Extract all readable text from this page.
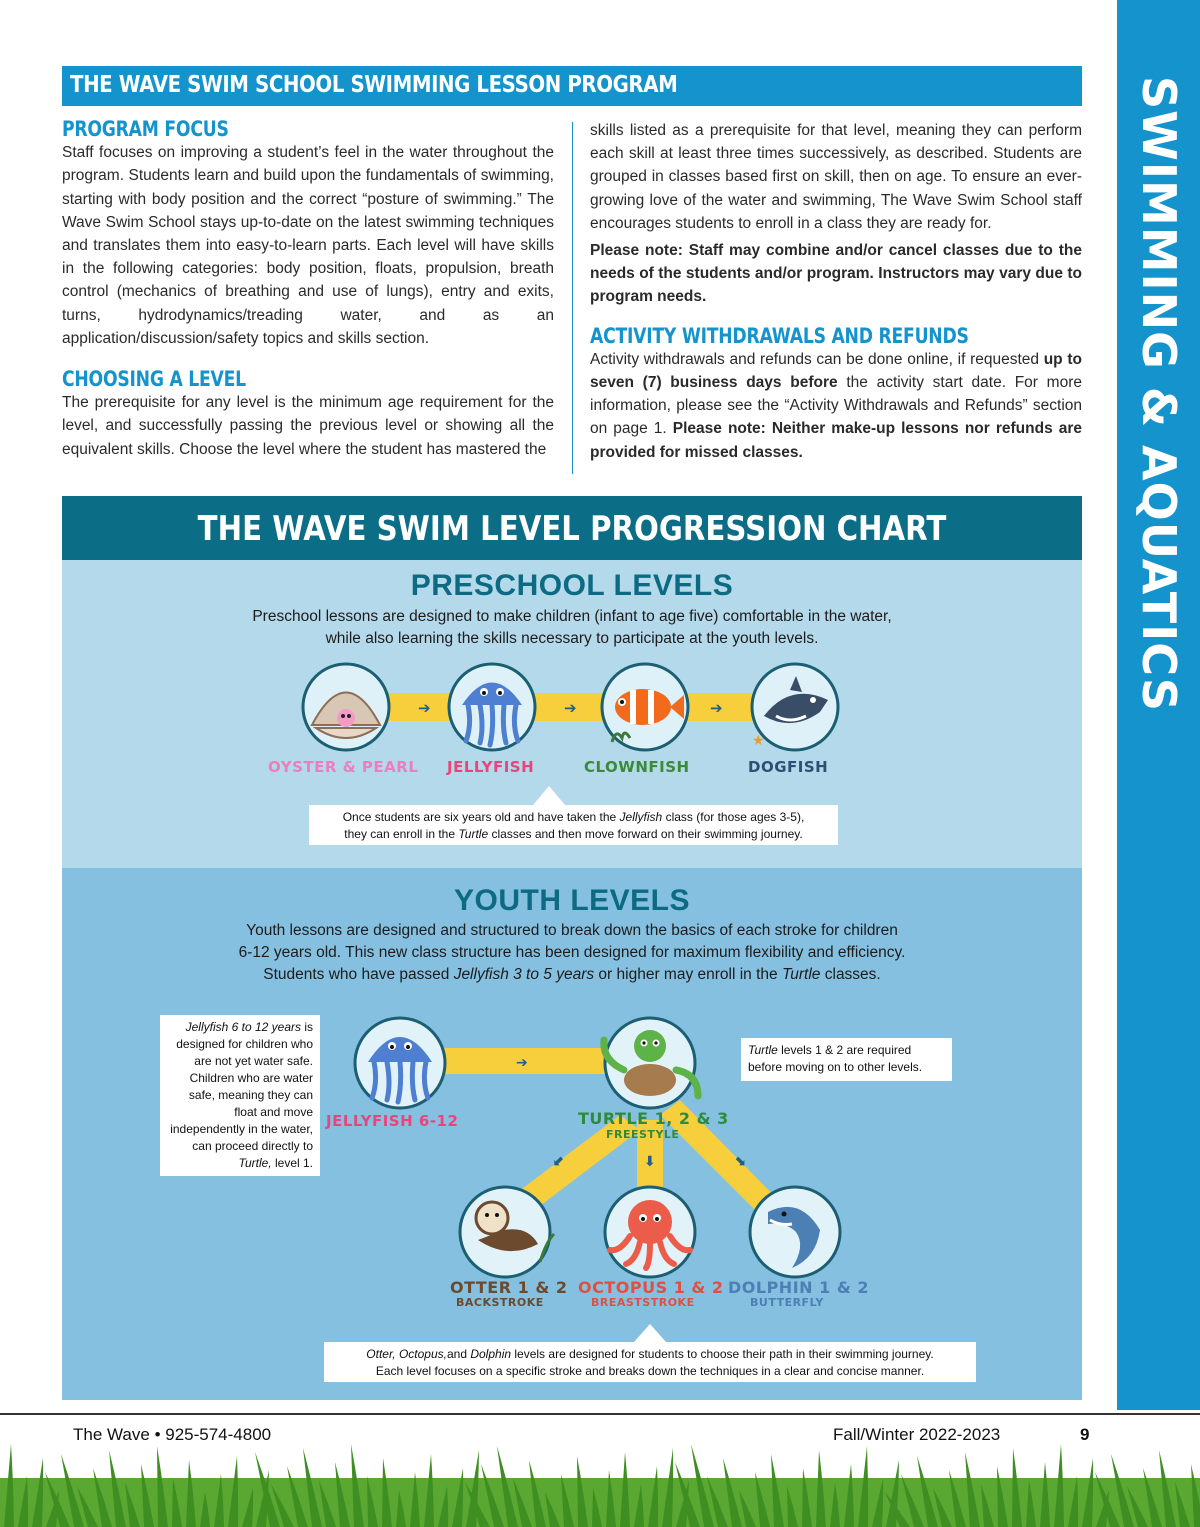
SWIMMING & AQUATICS
THE WAVE SWIM SCHOOL SWIMMING LESSON PROGRAM
PROGRAM FOCUS

Staff focuses on improving a student’s feel in the water throughout the program. Students learn and build upon the fundamentals of swimming, starting with body position and the correct “posture of swimming.” The Wave Swim School stays up-to-date on the latest swimming techniques and translates them into easy-to-learn parts. Each level will have skills in the following categories: body position, floats, propulsion, breath control (mechanics of breathing and use of lungs), entry and exits, turns, hydrodynamics/treading water, and as an application/discussion/safety topics and skills section.

CHOOSING A LEVEL

The prerequisite for any level is the minimum age requirement for the level, and successfully passing the previous level or showing all the equivalent skills. Choose the level where the student has mastered the

skills listed as a prerequisite for that level, meaning they can perform each skill at least three times successively, as described. Students are grouped in classes based first on skill, then on age. To ensure an ever-growing love of the water and swimming, The Wave Swim School staff encourages students to enroll in a class they are ready for.

Please note: Staff may combine and/or cancel classes due to the needs of the students and/or program. Instructors may vary due to program needs.

ACTIVITY WITHDRAWALS AND REFUNDS

Activity withdrawals and refunds can be done online, if requested up to seven (7) business days before the activity start date. For more information, please see the “Activity Withdrawals and Refunds” section on page 1. Please note: Neither make-up lessons nor refunds are provided for missed classes.

THE WAVE SWIM LEVEL PROGRESSION CHART
PRESCHOOL LEVELS
Preschool lessons are designed to make children (infant to age five) comfortable in the water,
while also learning the skills necessary to participate at the youth levels.
➔	➔	➔
★
➔
⬋	⬇	⬊
OYSTER & PEARL JELLYFISH	CLOWNFISH	DOGFISH
Once students are six years old and have taken the Jellyfish class (for those ages 3-5),
they can enroll in the Turtle classes and then move forward on their swimming journey.
YOUTH LEVELS
Youth lessons are designed and structured to break down the basics of each stroke for children
6-12 years old. This new class structure has been designed for maximum flexibility and efficiency.
Students who have passed Jellyfish 3 to 5 years or higher may enroll in the Turtle classes.
Jellyfish 6 to 12 years is designed for children who are not yet water safe. Children who are water safe, meaning they can float and move independently in the water, can proceed directly to Turtle, level 1.
Turtle levels 1 & 2 are required before moving on to other levels.
JELLYFISH 6-12	TURTLE 1, 2 & 3
FREESTYLE
OTTER 1 & 2
BACKSTROKE
OCTOPUS 1 & 2
BREASTSTROKE
DOLPHIN 1 & 2
BUTTERFLY
Otter, Octopus,and Dolphin levels are designed for students to choose their path in their swimming journey.
Each level focuses on a specific stroke and breaks down the techniques in a clear and concise manner.
The Wave • 925-574-4800	Fall/Winter 2022-2023	9
